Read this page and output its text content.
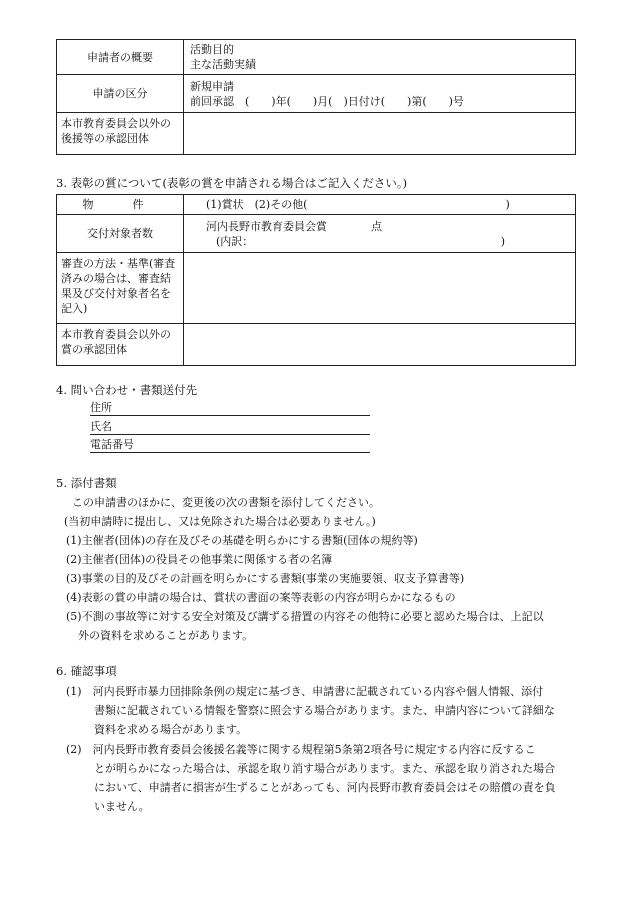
申請者の概要	活動目的
主な活動実績

申請の区分	新規申請
前回承認　(　　)年(　　)月(　)日付け(　　)第(　　)号

本市教育委員会以外の後援等の承認団体	
3. 表彰の賞について(表彰の賞を申請される場合はご記入ください。)
物　件	(1)賞状　(2)その他(　　　　　　　　　　　　　　　　　　)
交付対象者数	河内長野市教育委員会賞　　　　点
(内訳：　　　　　　　　　　　　　　　　　　　　　　　)

審査の方法・基準(審査済みの場合は、審査結果及び交付対象者名を記入)	
本市教育委員会以外の賞の承認団体	
4. 問い合わせ・書類送付先
住所
氏名
電話番号
5. 添付書類
この申請書のほかに、変更後の次の書類を添付してください。
(当初申請時に提出し、又は免除された場合は必要ありません。)
(1)主催者(団体)の存在及びその基礎を明らかにする書類(団体の規約等)
(2)主催者(団体)の役員その他事業に関係する者の名簿
(3)事業の目的及びその計画を明らかにする書類(事業の実施要領、収支予算書等)
(4)表彰の賞の申請の場合は、賞状の書面の案等表彰の内容が明らかになるもの
(5)不測の事故等に対する安全対策及び講ずる措置の内容その他特に必要と認めた場合は、上記以
外の資料を求めることがあります。
6. 確認事項
(1)　河内長野市暴力団排除条例の規定に基づき、申請書に記載されている内容や個人情報、添付
書類に記載されている情報を警察に照会する場合があります。また、申請内容について詳細な
資料を求める場合があります。
(2)　河内長野市教育委員会後援名義等に関する規程第5条第2項各号に規定する内容に反するこ
とが明らかになった場合は、承認を取り消す場合があります。また、承認を取り消された場合
において、申請者に損害が生ずることがあっても、河内長野市教育委員会はその賠償の責を負
いません。
